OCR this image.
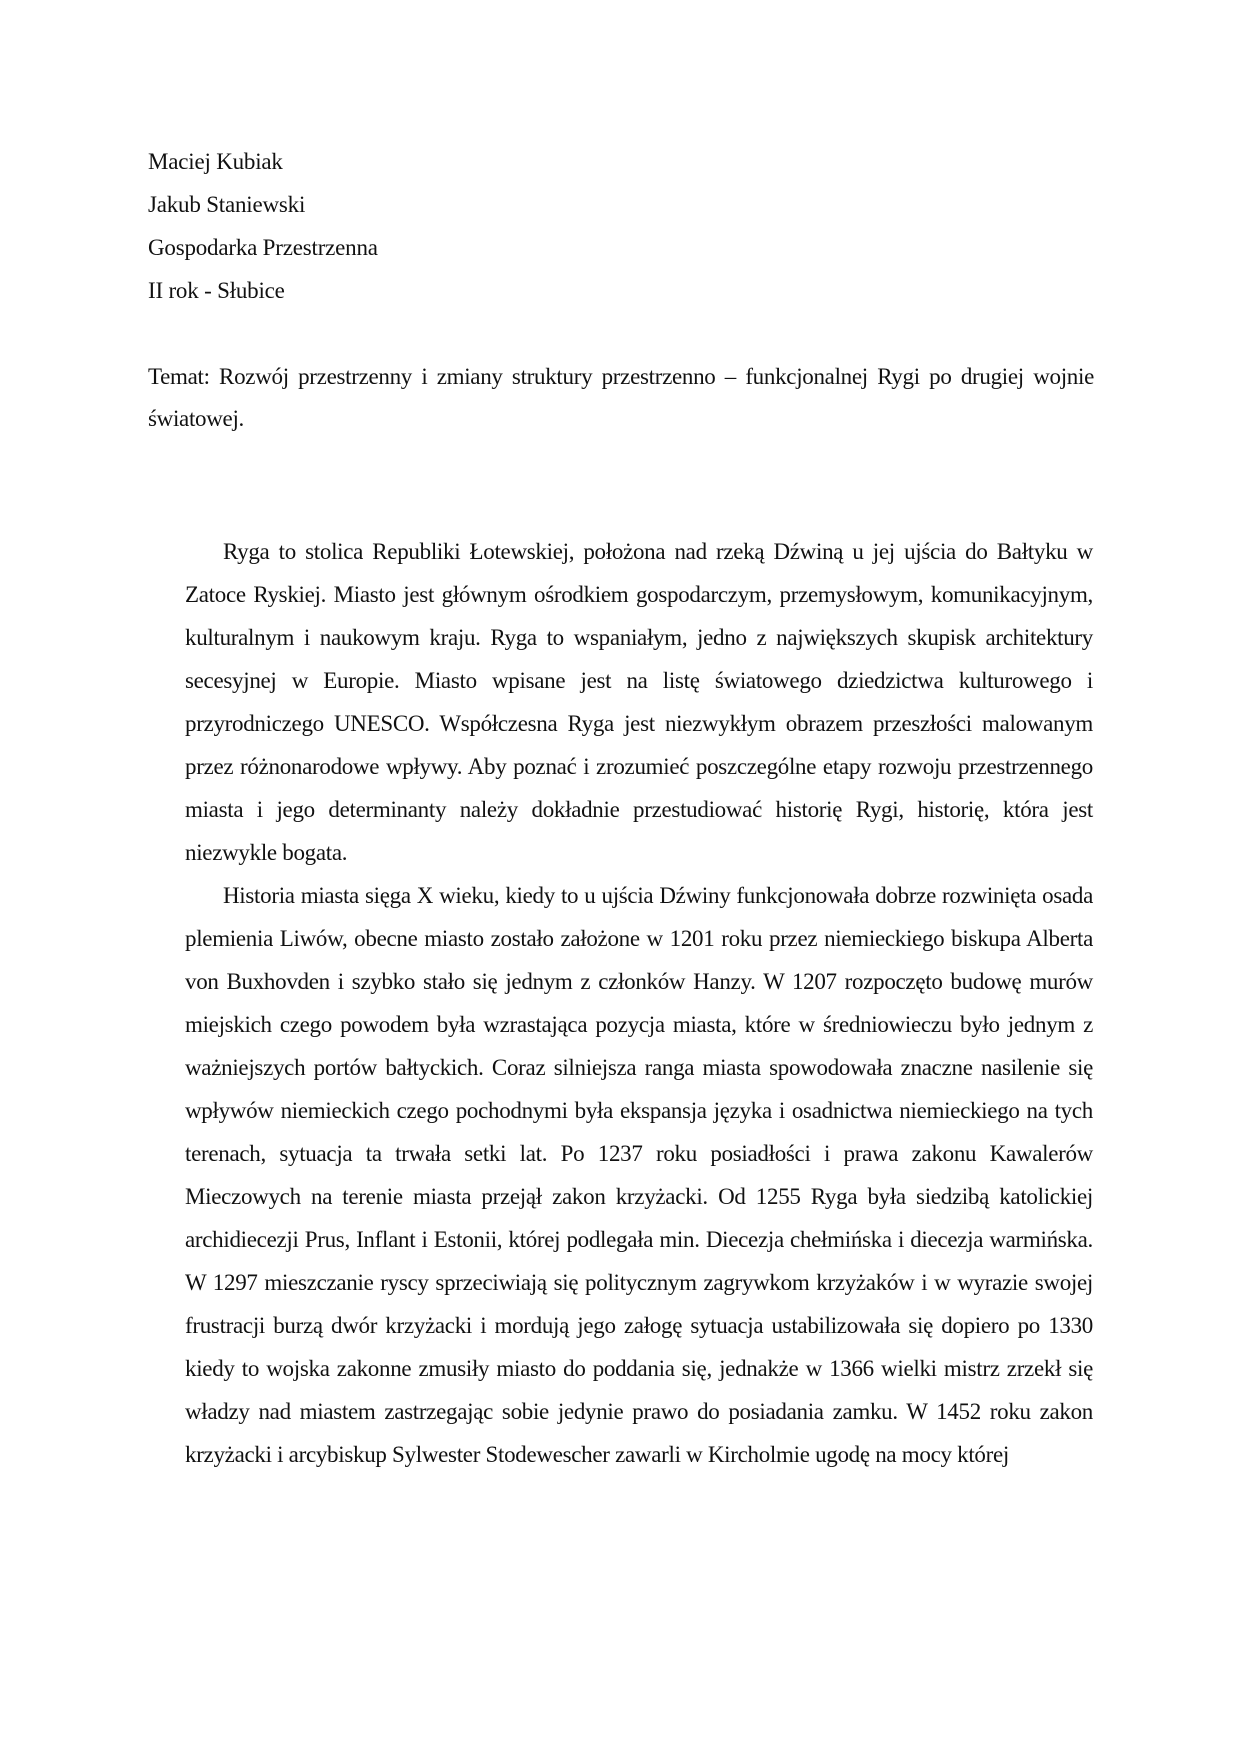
Maciej Kubiak
Jakub Staniewski
Gospodarka Przestrzenna
II rok - Słubice
Temat: Rozwój przestrzenny i zmiany struktury przestrzenno – funkcjonalnej Rygi po drugiej wojnie światowej.

Ryga to stolica Republiki Łotewskiej, położona nad rzeką Dźwiną u jej ujścia do Bałtyku w Zatoce Ryskiej. Miasto jest głównym ośrodkiem gospodarczym, przemysłowym, komunikacyjnym, kulturalnym i naukowym kraju. Ryga to wspaniałym, jedno z największych skupisk architektury secesyjnej w Europie. Miasto wpisane jest na listę światowego dziedzictwa kulturowego i przyrodniczego UNESCO. Współczesna Ryga jest niezwykłym obrazem przeszłości malowanym przez różnonarodowe wpływy. Aby poznać i zrozumieć poszczególne etapy rozwoju przestrzennego miasta i jego determinanty należy dokładnie przestudiować historię Rygi, historię, która jest niezwykle bogata.

Historia miasta sięga X wieku, kiedy to u ujścia Dźwiny funkcjonowała dobrze rozwinięta osada plemienia Liwów, obecne miasto zostało założone w 1201 roku przez niemieckiego biskupa Alberta von Buxhovden i szybko stało się jednym z członków Hanzy. W 1207 rozpoczęto budowę murów miejskich czego powodem była wzrastająca pozycja miasta, które w średniowieczu było jednym z ważniejszych portów bałtyckich. Coraz silniejsza ranga miasta spowodowała znaczne nasilenie się wpływów niemieckich czego pochodnymi była ekspansja języka i osadnictwa niemieckiego na tych terenach, sytuacja ta trwała setki lat. Po 1237 roku posiadłości i prawa zakonu Kawalerów Mieczowych na terenie miasta przejął zakon krzyżacki. Od 1255 Ryga była siedzibą katolickiej archidiecezji Prus, Inflant i Estonii, której podlegała min. Diecezja chełmińska i diecezja warmińska. W 1297 mieszczanie ryscy sprzeciwiają się politycznym zagrywkom krzyżaków i w wyrazie swojej frustracji burzą dwór krzyżacki i mordują jego załogę sytuacja ustabilizowała się dopiero po 1330 kiedy to wojska zakonne zmusiły miasto do poddania się, jednakże w 1366 wielki mistrz zrzekł się władzy nad miastem zastrzegając sobie jedynie prawo do posiadania zamku. W 1452 roku zakon krzyżacki i arcybiskup Sylwester Stodewescher zawarli w Kircholmie ugodę na mocy której
